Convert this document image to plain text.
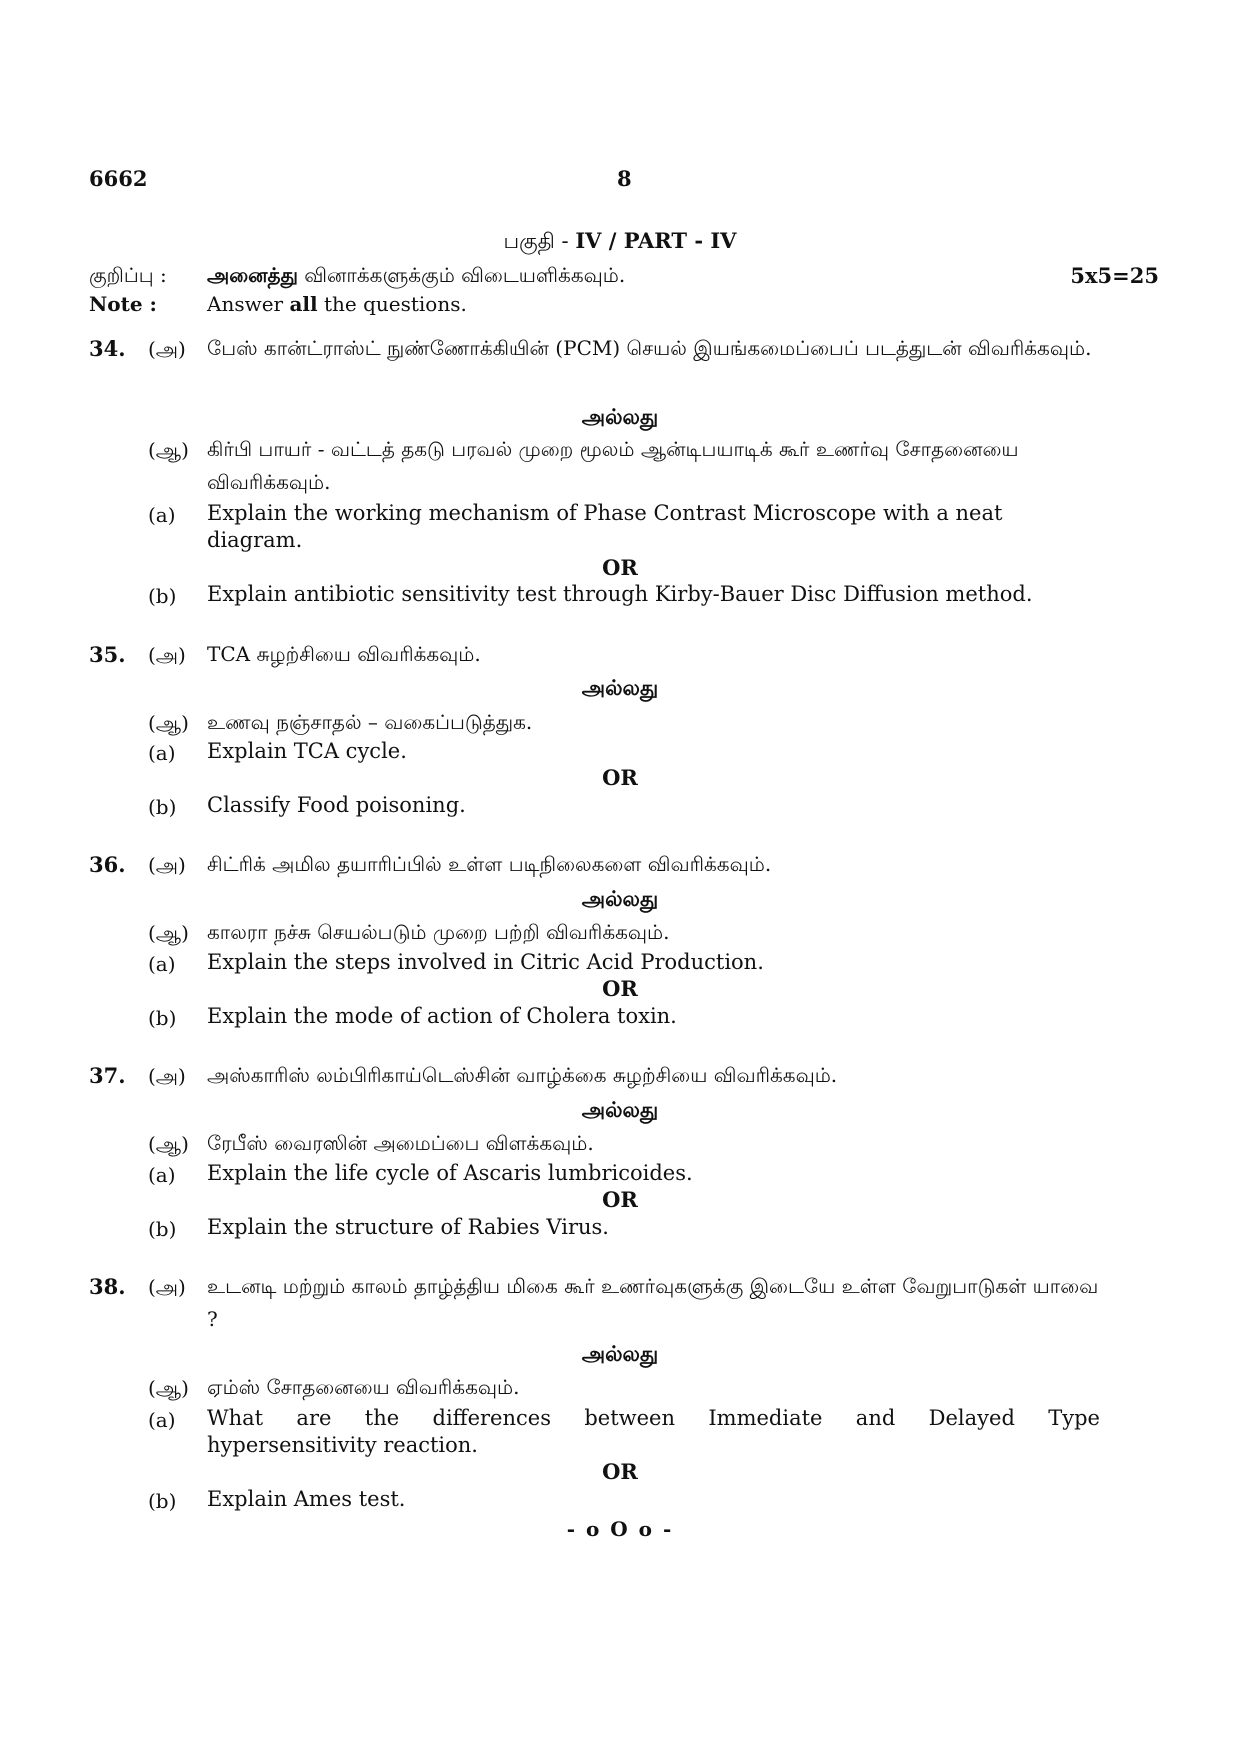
6662	8
பகுதி - IV / PART - IV
குறிப்பு : அனைத்து வினாக்களுக்கும் விடையளிக்கவும்.	5x5=25
Note :	Answer all the questions.
34. (அ) பேஸ் கான்ட்ராஸ்ட் நுண்ணோக்கியின் (PCM) செயல் இயங்கமைப்பைப் படத்துடன் விவரிக்கவும்.
அல்லது
(ஆ) கிர்பி பாயர் - வட்டத் தகடு பரவல் முறை மூலம் ஆன்டிபயாடிக் கூர் உணர்வு சோதனையை விவரிக்கவும்.
(a) Explain the working mechanism of Phase Contrast Microscope with a neat diagram.
OR
(b) Explain antibiotic sensitivity test through Kirby-Bauer Disc Diffusion method.
35. (அ) TCA சுழற்சியை விவரிக்கவும்.
அல்லது
(ஆ) உணவு நஞ்சாதல் – வகைப்படுத்துக.
(a) Explain TCA cycle.
OR
(b) Classify Food poisoning.
36. (அ) சிட்ரிக் அமில தயாரிப்பில் உள்ள படிநிலைகளை விவரிக்கவும்.
அல்லது
(ஆ) காலரா நச்சு செயல்படும் முறை பற்றி விவரிக்கவும்.
(a) Explain the steps involved in Citric Acid Production.
OR
(b) Explain the mode of action of Cholera toxin.
37. (அ) அஸ்காரிஸ் லம்பிரிகாய்டெஸ்சின் வாழ்க்கை சுழற்சியை விவரிக்கவும்.
அல்லது
(ஆ) ரேபீஸ் வைரஸின் அமைப்பை விளக்கவும்.
(a) Explain the life cycle of Ascaris lumbricoides.
OR
(b) Explain the structure of Rabies Virus.
38. (அ) உடனடி மற்றும் காலம் தாழ்த்திய மிகை கூர் உணர்வுகளுக்கு இடையே உள்ள வேறுபாடுகள் யாவை ?
அல்லது
(ஆ) ஏம்ஸ் சோதனையை விவரிக்கவும்.
(a) What are the differences between Immediate and Delayed Type
hypersensitivity reaction.
OR
(b) Explain Ames test.
- o O o -
